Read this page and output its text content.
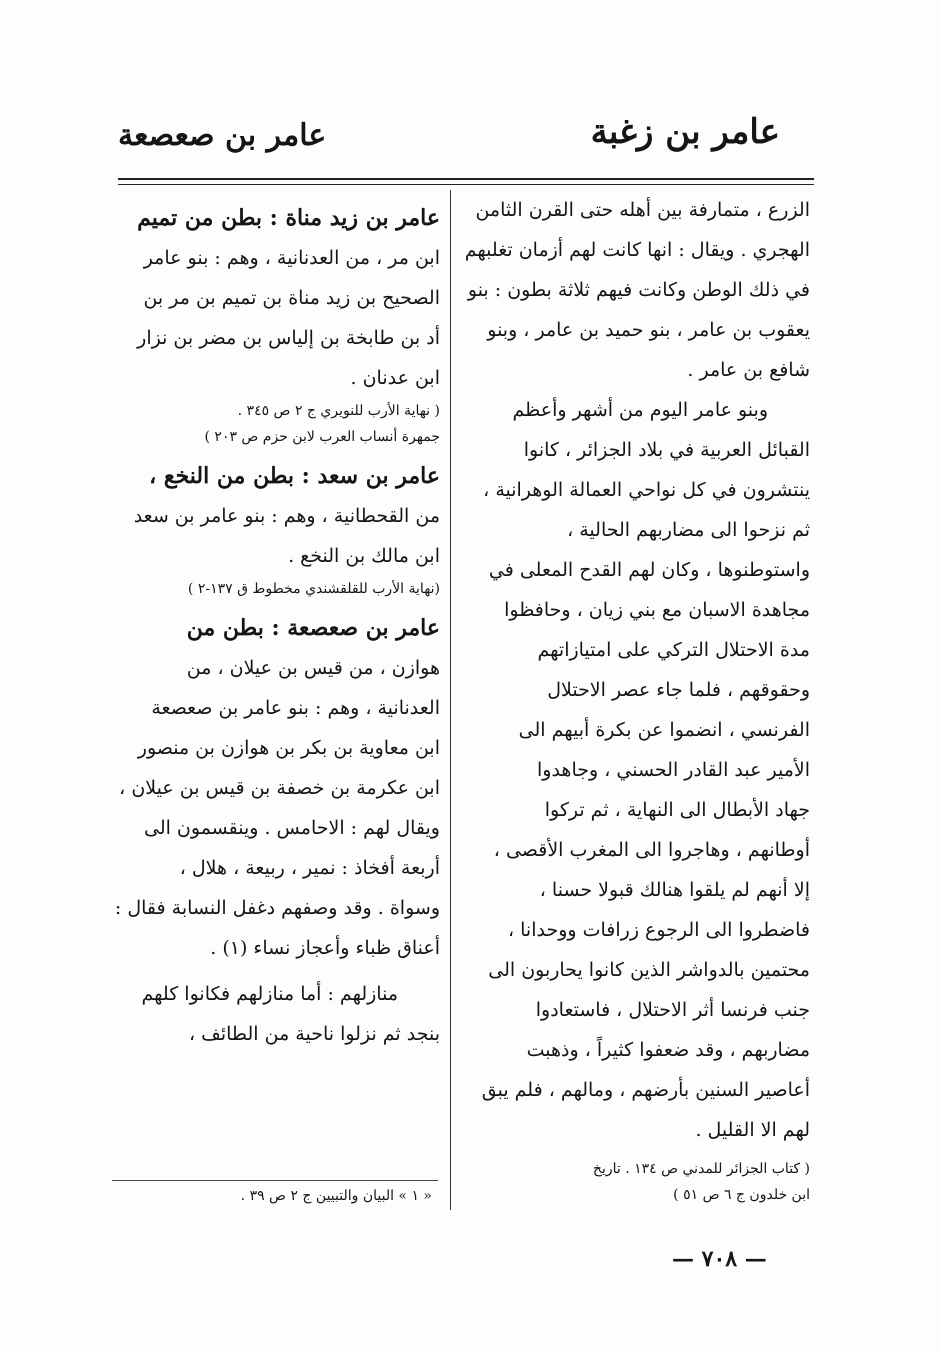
عامر بن زغبة
عامر بن صعصعة
الزرع ، متمارفة بين أهله حتى القرن الثامن
الهجري . ويقال : انها كانت لهم أزمان تغلبهم
في ذلك الوطن وكانت فيهم ثلاثة بطون : بنو
يعقوب بن عامر ، بنو حميد بن عامر ، وبنو
شافع بن عامر .
وبنو عامر اليوم من أشهر وأعظم
القبائل العربية في بلاد الجزائر ، كانوا
ينتشرون في كل نواحي العمالة الوهرانية ،
ثم نزحوا الى مضاربهم الحالية ،
واستوطنوها ، وكان لهم القدح المعلى في
مجاهدة الاسبان مع بني زيان ، وحافظوا
مدة الاحتلال التركي على امتيازاتهم
وحقوقهم ، فلما جاء عصر الاحتلال
الفرنسي ، انضموا عن بكرة أبيهم الى
الأمير عبد القادر الحسني ، وجاهدوا
جهاد الأبطال الى النهاية ، ثم تركوا
أوطانهم ، وهاجروا الى المغرب الأقصى ،
إلا أنهم لم يلقوا هنالك قبولا حسنا ،
فاضطروا الى الرجوع زرافات ووحدانا ،
محتمين بالدواشر الذين كانوا يحاربون الى
جنب فرنسا أثر الاحتلال ، فاستعادوا
مضاربهم ، وقد ضعفوا كثيراً ، وذهبت
أعاصير السنين بأرضهم ، ومالهم ، فلم يبق
لهم الا القليل .
( كتاب الجزائر للمدني ص ١٣٤ . تاريخ
ابن خلدون ج ٦ ص ٥١ )
عامر بن زيد مناة : بطن من تميم
ابن مر ، من العدنانية ، وهم : بنو عامر
الصحيح بن زيد مناة بن تميم بن مر بن
أد بن طابخة بن إلياس بن مضر بن نزار
ابن عدنان .
( نهاية الأرب للنويري ج ٢ ص ٣٤٥ .
جمهرة أنساب العرب لابن حزم ص ٢٠٣ )
عامر بن سعد : بطن من النخع ،
من القحطانية ، وهم : بنو عامر بن سعد
ابن مالك بن النخع .
(نهاية الأرب للقلقشندي مخطوط ق ١٣٧-٢ )
عامر بن صعصعة : بطن من
هوازن ، من قيس بن عيلان ، من
العدنانية ، وهم : بنو عامر بن صعصعة
ابن معاوية بن بكر بن هوازن بن منصور
ابن عكرمة بن خصفة بن قيس بن عيلان ،
ويقال لهم : الاحامس . وينقسمون الى
أربعة أفخاذ : نمير ، ربيعة ، هلال ،
وسواة . وقد وصفهم دغفل النسابة فقال :
أعناق ظباء وأعجاز نساء (١) .
منازلهم : أما منازلهم فكانوا كلهم
بنجد ثم نزلوا ناحية من الطائف ،
« ١ » البيان والتبيين ج ٢ ص ٣٩ .
— ٧٠٨ —
